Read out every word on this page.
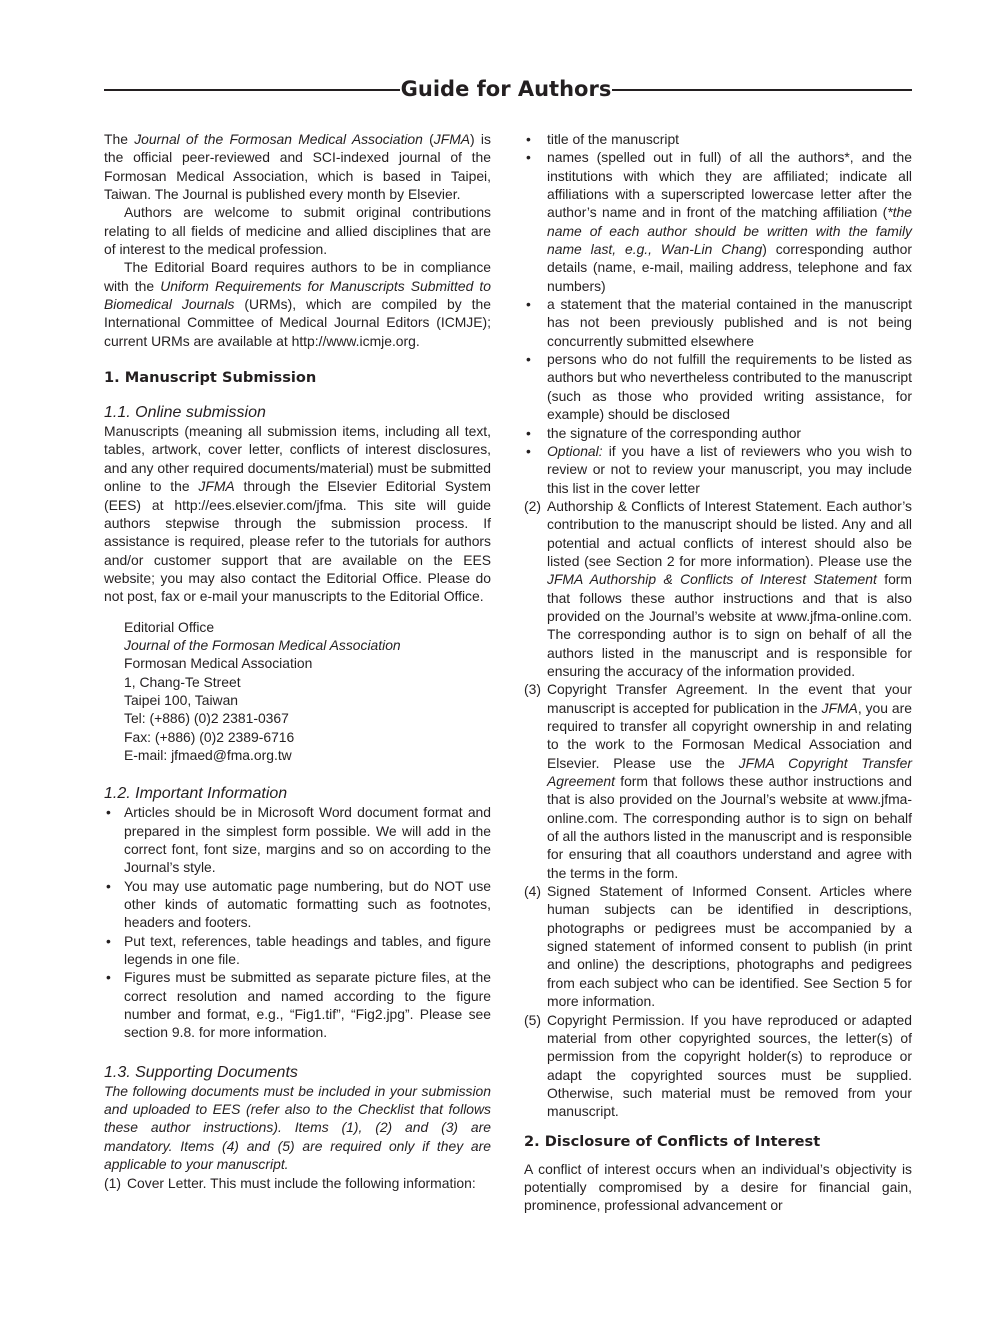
Guide for Authors

The Journal of the Formosan Medical Association (JFMA) is the official peer-reviewed and SCI-indexed journal of the Formosan Medical Association, which is based in Taipei, Taiwan. The Journal is published every month by Elsevier.

Authors are welcome to submit original contributions relating to all fields of medicine and allied disciplines that are of interest to the medical profession.

The Editorial Board requires authors to be in compliance with the Uniform Requirements for Manuscripts Submitted to Biomedical Journals (URMs), which are compiled by the International Committee of Medical Journal Editors (ICMJE); current URMs are available at http://www.icmje.org.

1. Manuscript Submission
1.1. Online submission

Manuscripts (meaning all submission items, including all text, tables, artwork, cover letter, conflicts of interest disclosures, and any other required documents/material) must be submitted online to the JFMA through the Elsevier Editorial System (EES) at http://ees.elsevier.com/jfma. This site will guide authors stepwise through the submission process. If assistance is required, please refer to the tutorials for authors and/or customer support that are available on the EES website; you may also contact the Editorial Office. Please do not post, fax or e-mail your manuscripts to the Editorial Office.

Editorial Office
Journal of the Formosan Medical Association
Formosan Medical Association
1, Chang-Te Street
Taipei 100, Taiwan
Tel: (+886) (0)2 2381-0367
Fax: (+886) (0)2 2389-6716
E-mail: jfmaed@fma.org.tw
1.2. Important Information
• Articles should be in Microsoft Word document format and prepared in the simplest form possible. We will add in the correct font, font size, margins and so on according to the Journal’s style.
• You may use automatic page numbering, but do NOT use other kinds of automatic formatting such as footnotes, headers and footers.
• Put text, references, table headings and tables, and figure legends in one file.
• Figures must be submitted as separate picture files, at the correct resolution and named according to the figure number and format, e.g., “Fig1.tif”, “Fig2.jpg”. Please see section 9.8. for more information.
1.3. Supporting Documents

The following documents must be included in your submission and uploaded to EES (refer also to the Checklist that follows these author instructions). Items (1), (2) and (3) are mandatory. Items (4) and (5) are required only if they are applicable to your manuscript.

(1) Cover Letter. This must include the following information:
• title of the manuscript
• names (spelled out in full) of all the authors*, and the institutions with which they are affiliated; indicate all affiliations with a superscripted lowercase letter after the author’s name and in front of the matching affiliation (*the name of each author should be written with the family name last, e.g., Wan-Lin Chang) corresponding author details (name, e-mail, mailing address, telephone and fax numbers)
• a statement that the material contained in the manuscript has not been previously published and is not being concurrently submitted elsewhere
• persons who do not fulfill the requirements to be listed as authors but who nevertheless contributed to the manuscript (such as those who provided writing assistance, for example) should be disclosed
• the signature of the corresponding author
• Optional: if you have a list of reviewers who you wish to review or not to review your manuscript, you may include this list in the cover letter
(2) Authorship & Conflicts of Interest Statement. Each author’s contribution to the manuscript should be listed. Any and all potential and actual conflicts of interest should also be listed (see Section 2 for more information). Please use the JFMA Authorship & Conflicts of Interest Statement form that follows these author instructions and that is also provided on the Journal’s website at www.jfma-online.com. The corresponding author is to sign on behalf of all the authors listed in the manuscript and is responsible for ensuring the accuracy of the information provided.
(3) Copyright Transfer Agreement. In the event that your manuscript is accepted for publication in the JFMA, you are required to transfer all copyright ownership in and relating to the work to the Formosan Medical Association and Elsevier. Please use the JFMA Copyright Transfer Agreement form that follows these author instructions and that is also provided on the Journal’s website at www.jfma-online.com. The corresponding author is to sign on behalf of all the authors listed in the manuscript and is responsible for ensuring that all coauthors understand and agree with the terms in the form.
(4) Signed Statement of Informed Consent. Articles where human subjects can be identified in descriptions, photographs or pedigrees must be accompanied by a signed statement of informed consent to publish (in print and online) the descriptions, photographs and pedigrees from each subject who can be identified. See Section 5 for more information.
(5) Copyright Permission. If you have reproduced or adapted material from other copyrighted sources, the letter(s) of permission from the copyright holder(s) to reproduce or adapt the copyrighted sources must be supplied. Otherwise, such material must be removed from your manuscript.
2. Disclosure of Conflicts of Interest

A conflict of interest occurs when an individual’s objectivity is potentially compromised by a desire for financial gain, prominence, professional advancement or
